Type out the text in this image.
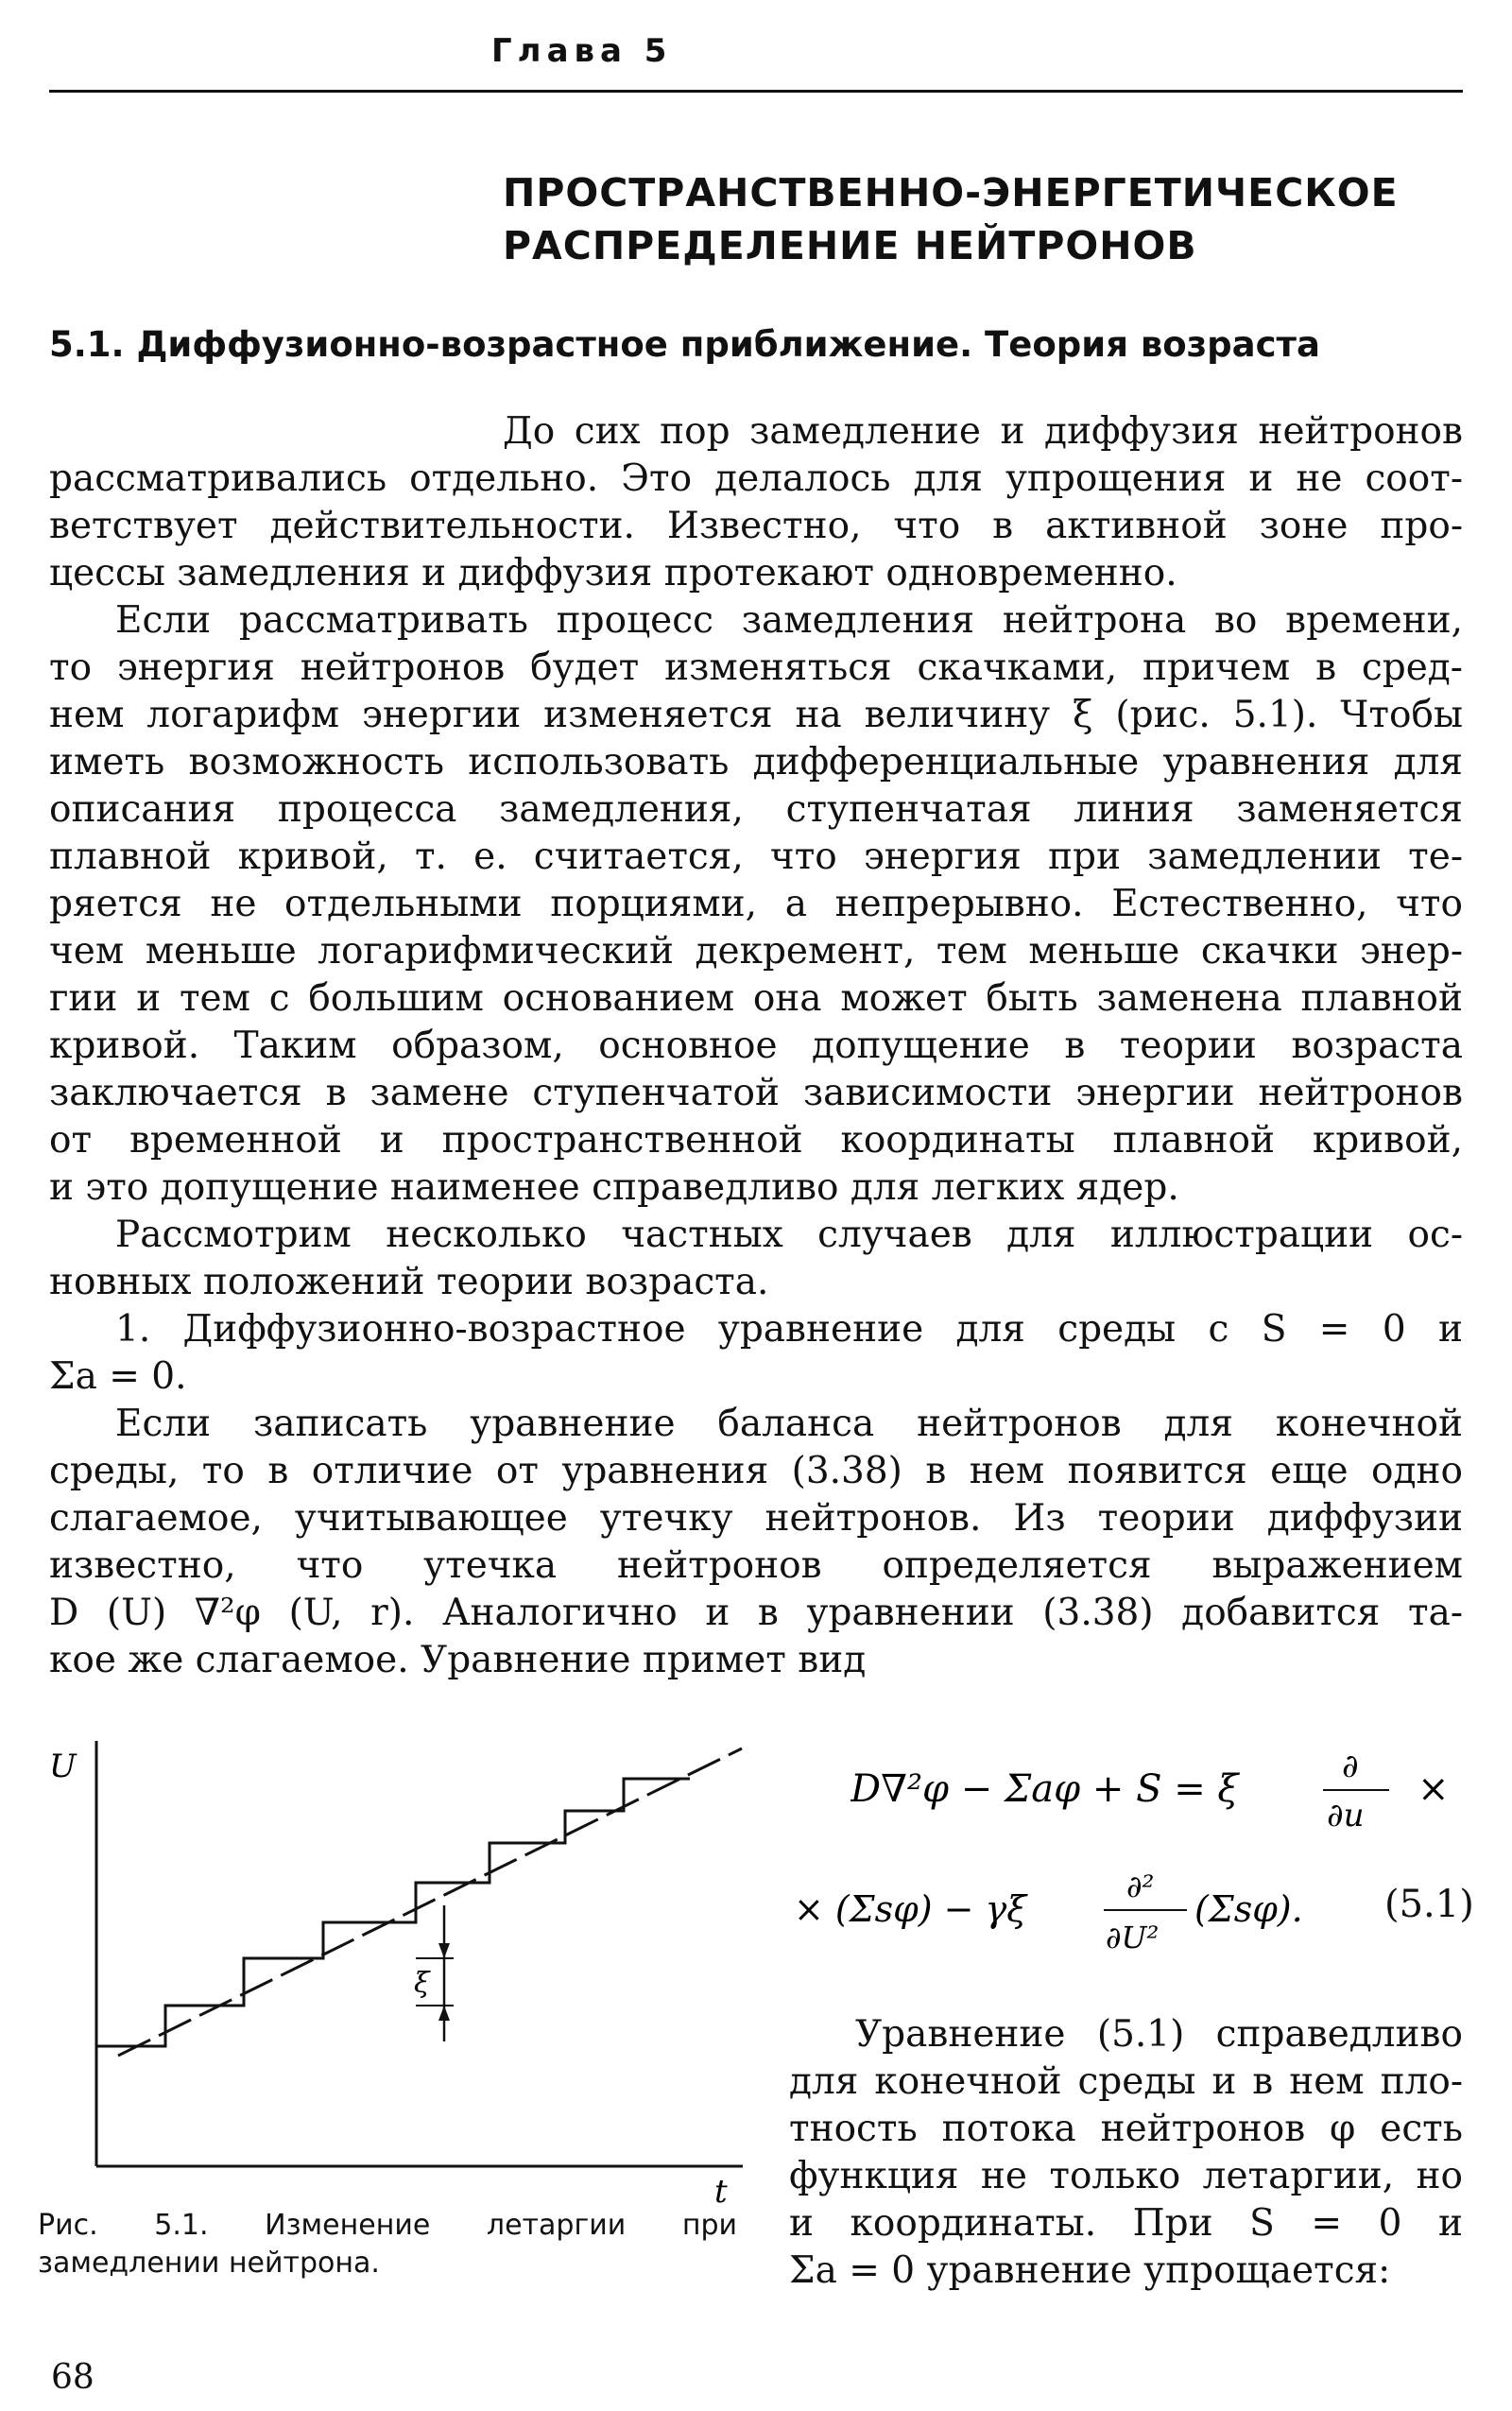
Глава 5
ПРОСТРАНСТВЕННО-ЭНЕРГЕТИЧЕСКОЕ
РАСПРЕДЕЛЕНИЕ НЕЙТРОНОВ
5.1. Диффузионно-возрастное приближение. Теория возраста
До сих пор замедление и диффузия нейтронов
рассматривались отдельно. Это делалось для упрощения и не соот-
ветствует действительности. Известно, что в активной зоне про-
цессы замедления и диффузия протекают одновременно.
Если рассматривать процесс замедления нейтрона во времени,
то энергия нейтронов будет изменяться скачками, причем в сред-
нем логарифм энергии изменяется на величину ξ (рис. 5.1). Чтобы
иметь возможность использовать дифференциальные уравнения для
описания процесса замедления, ступенчатая линия заменяется
плавной кривой, т. е. считается, что энергия при замедлении те-
ряется не отдельными порциями, а непрерывно. Естественно, что
чем меньше логарифмический декремент, тем меньше скачки энер-
гии и тем с большим основанием она может быть заменена плавной
кривой. Таким образом, основное допущение в теории возраста
заключается в замене ступенчатой зависимости энергии нейтронов
от временной и пространственной координаты плавной кривой,
и это допущение наименее справедливо для легких ядер.
Рассмотрим несколько частных случаев для иллюстрации ос-
новных положений теории возраста.
1. Диффузионно-возрастное уравнение для среды с S = 0 и
Σa = 0.
Если записать уравнение баланса нейтронов для конечной
среды, то в отличие от уравнения (3.38) в нем появится еще одно
слагаемое, учитывающее утечку нейтронов. Из теории диффузии
известно, что утечка нейтронов определяется выражением
D (U) ∇²φ (U, r). Аналогично и в уравнении (3.38) добавится та-
кое же слагаемое. Уравнение примет вид
U
t
ξ
Рис. 5.1. Изменение летаргии при
замедлении нейтрона.
D∇²φ − Σaφ + S = ξ
∂
∂u
×
× (Σsφ) − γξ
∂²
∂U²
(Σsφ). (5.1)
Уравнение (5.1) справедливо
для конечной среды и в нем пло-
тность потока нейтронов φ есть
функция не только летаргии, но
и координаты. При S = 0 и
Σa = 0 уравнение упрощается:
68
